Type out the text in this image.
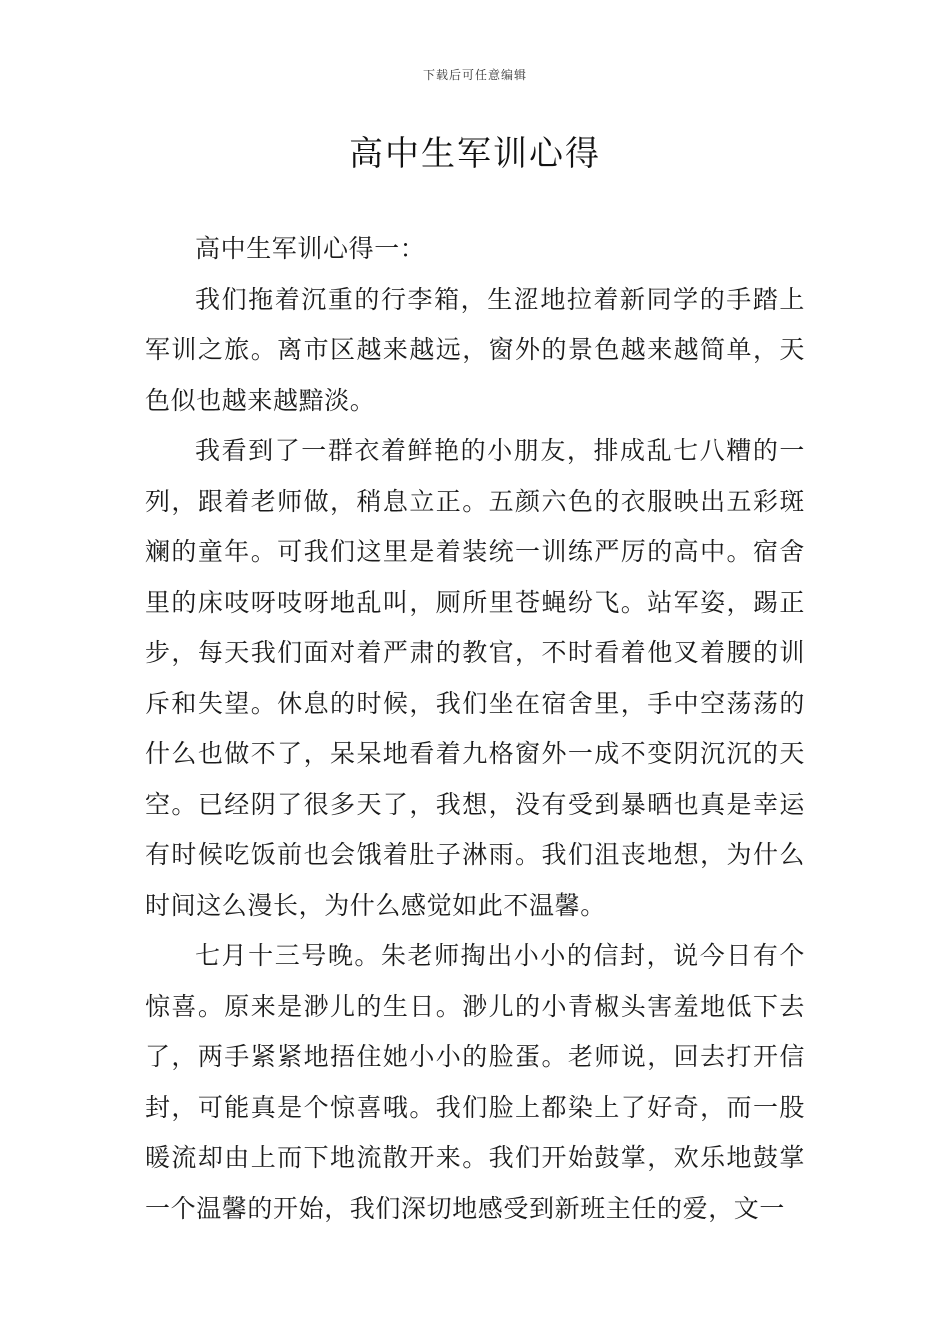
下载后可任意编辑
高中生军训心得

高中生军训心得一：

我们拖着沉重的行李箱，生涩地拉着新同学的手踏上军训之旅。离市区越来越远，窗外的景色越来越简单，天色似也越来越黯淡。

我看到了一群衣着鲜艳的小朋友，排成乱七八糟的一列，跟着老师做，稍息立正。五颜六色的衣服映出五彩斑斓的童年。可我们这里是着装统一训练严厉的高中。宿舍里的床吱呀吱呀地乱叫，厕所里苍蝇纷飞。站军姿，踢正步，每天我们面对着严肃的教官，不时看着他叉着腰的训斥和失望。休息的时候，我们坐在宿舍里，手中空荡荡的什么也做不了，呆呆地看着九格窗外一成不变阴沉沉的天空。已经阴了很多天了，我想，没有受到暴晒也真是幸运有时候吃饭前也会饿着肚子淋雨。我们沮丧地想，为什么时间这么漫长，为什么感觉如此不温馨。

七月十三号晚。朱老师掏出小小的信封，说今日有个惊喜。原来是渺儿的生日。渺儿的小青椒头害羞地低下去了，两手紧紧地捂住她小小的脸蛋。老师说，回去打开信封，可能真是个惊喜哦。我们脸上都染上了好奇，而一股暖流却由上而下地流散开来。我们开始鼓掌，欢乐地鼓掌一个温馨的开始，我们深切地感受到新班主任的爱，文一
